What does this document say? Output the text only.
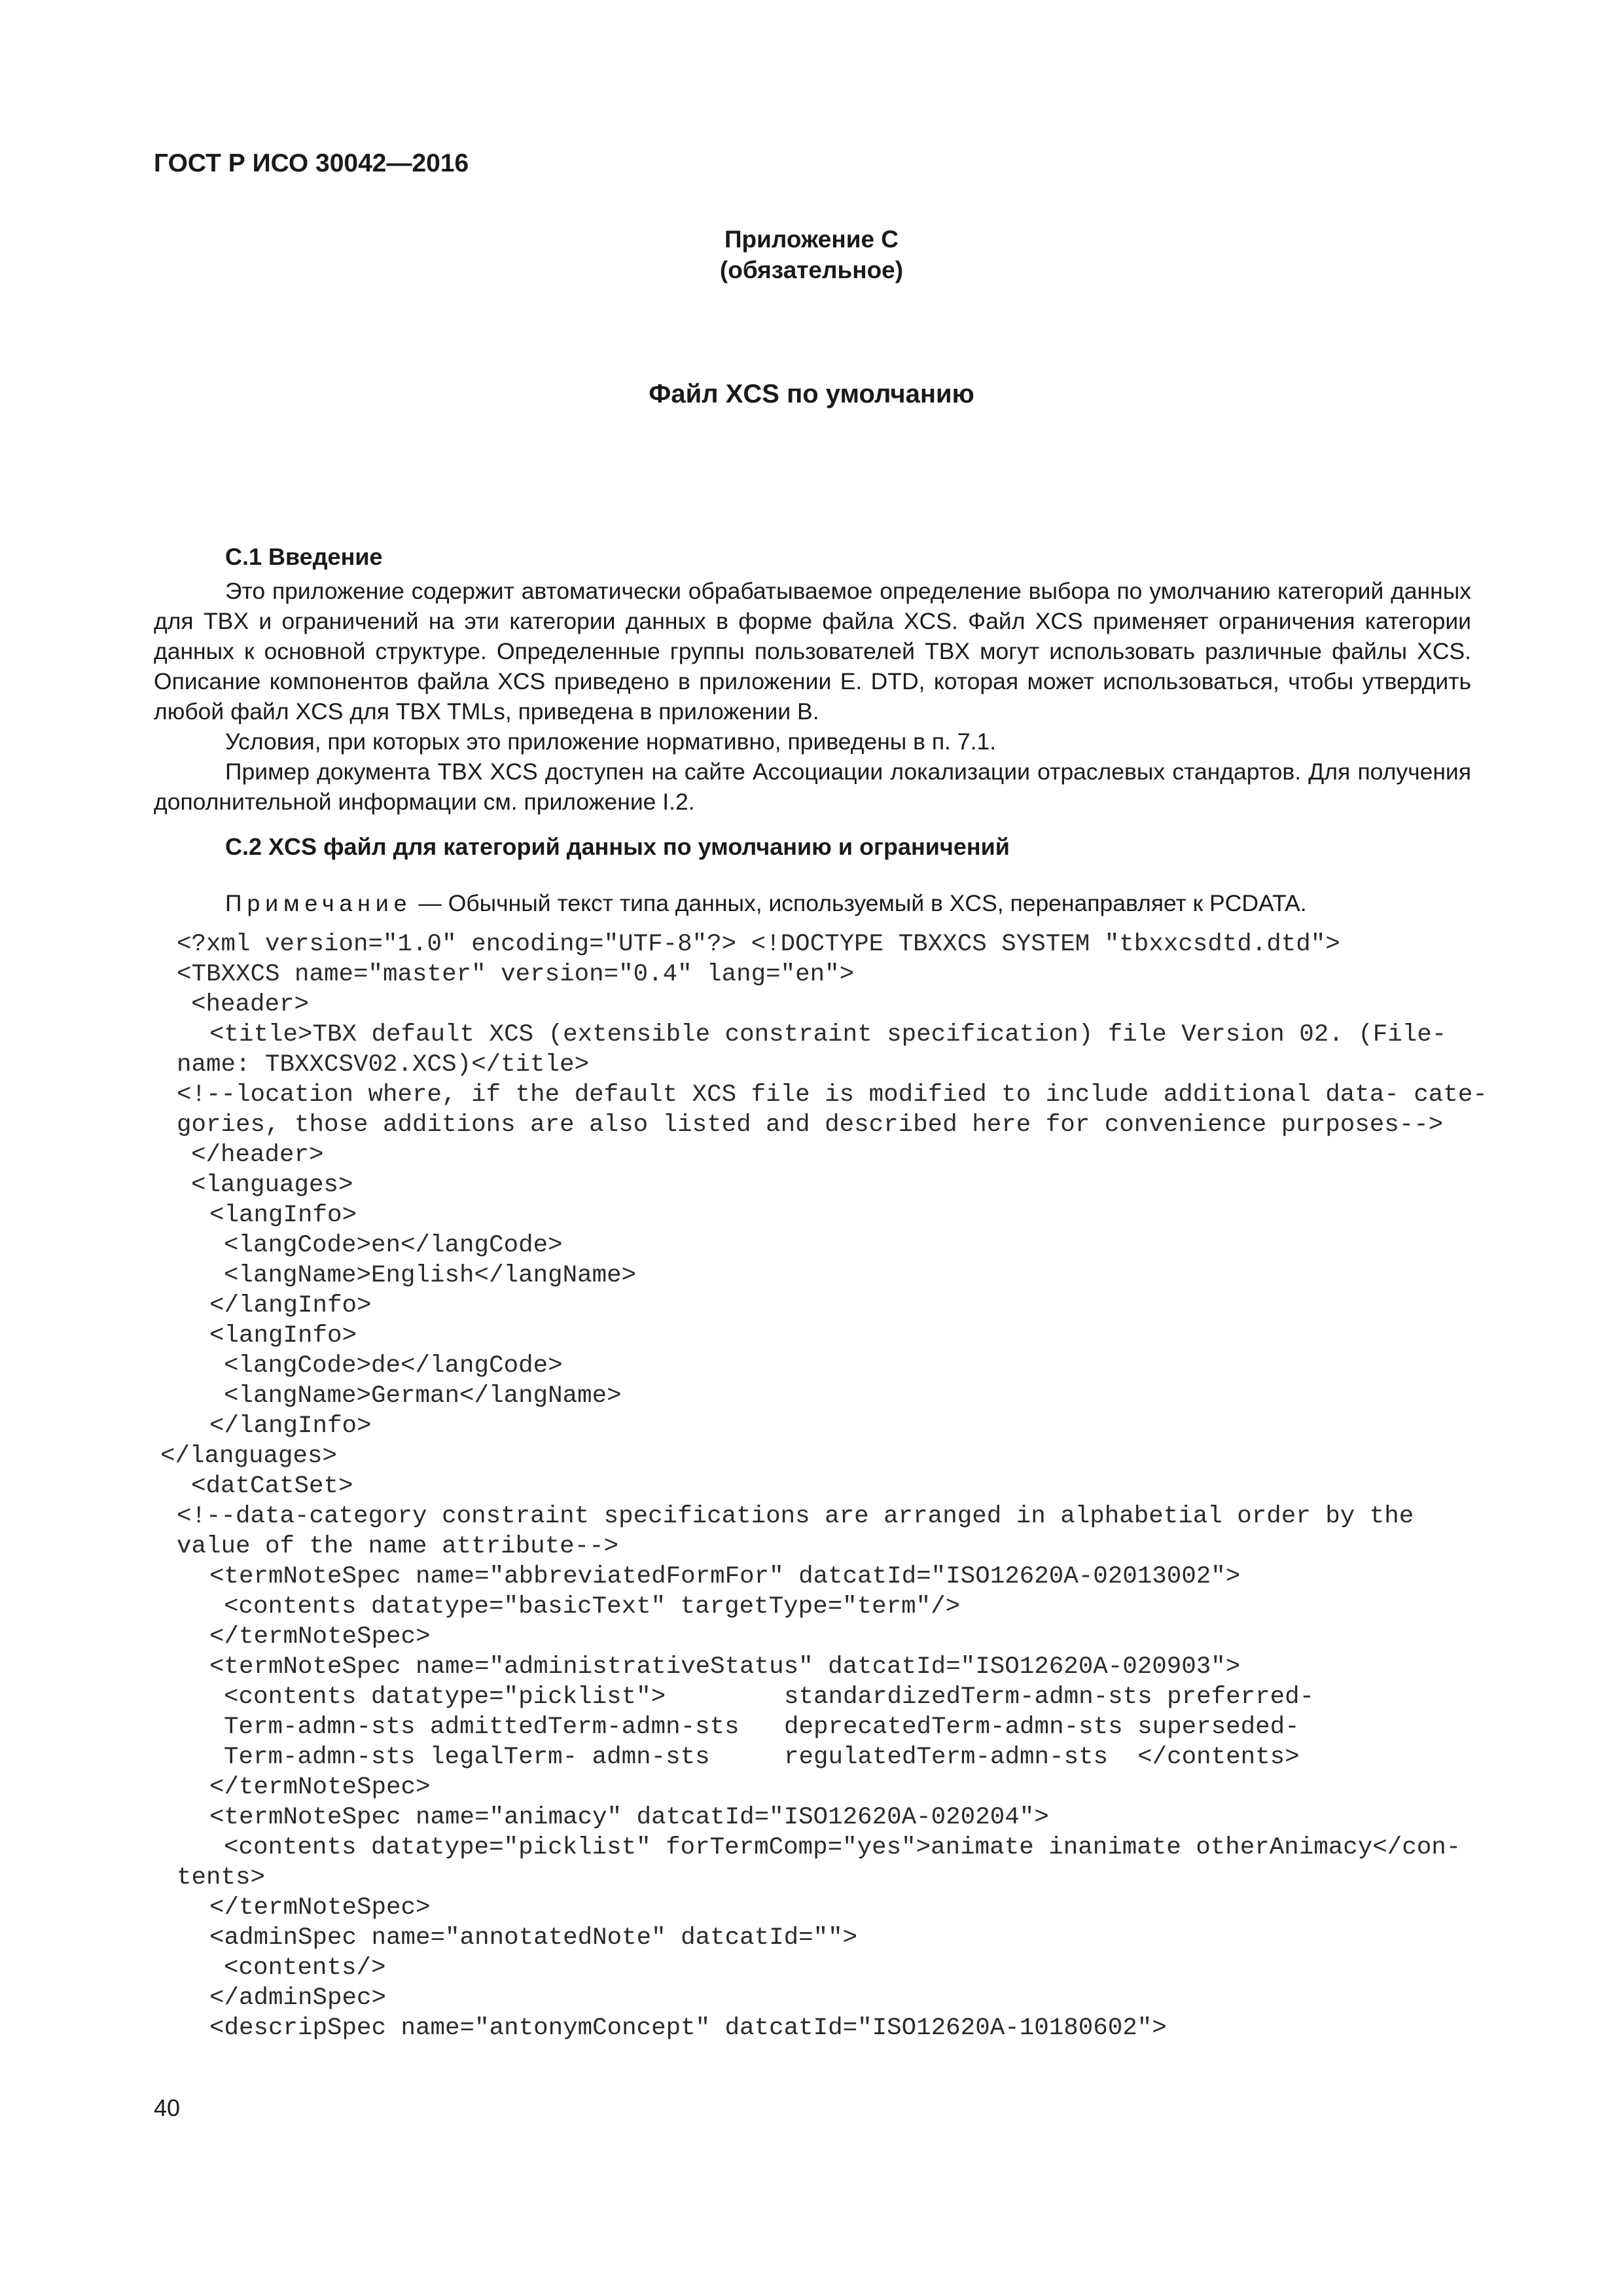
ГОСТ Р ИСО 30042—2016
Приложение С
(обязательное)
Файл XCS по умолчанию
С.1 Введение

Это приложение содержит автоматически обрабатываемое определение выбора по умолчанию категорий данных для TBX и ограничений на эти категории данных в форме файла XCS. Файл XCS применяет ограничения категории данных к основной структуре. Определенные группы пользователей TBX могут использовать различные файлы XCS. Описание компонентов файла XCS приведено в приложении Е. DTD, которая может использоваться, чтобы утвердить любой файл XCS для TBX TMLs, приведена в приложении В.

Условия, при которых это приложение нормативно, приведены в п. 7.1.

Пример документа TBX XCS доступен на сайте Ассоциации локализации отраслевых стандартов. Для получения дополнительной информации см. приложение I.2.

С.2 XCS файл для категорий данных по умолчанию и ограничений
Примечание — Обычный текст типа данных, используемый в XCS, перенаправляет к PCDATA.
<?xml version="1.0" encoding="UTF-8"?> <!DOCTYPE TBXXCS SYSTEM "tbxxcsdtd.dtd">
<TBXXCS name="master" version="0.4" lang="en">
<header>
<title>TBX default XCS (extensible constraint specification) file Version 02. (File-
name: TBXXCSV02.XCS)</title>
<!--location where, if the default XCS file is modified to include additional data- cate-
gories, those additions are also listed and described here for convenience purposes-->
</header>
<languages>
<langInfo>
<langCode>en</langCode>
<langName>English</langName>
</langInfo>
<langInfo>
<langCode>de</langCode>
<langName>German</langName>
</langInfo>
</languages>
<datCatSet>
<!--data-category constraint specifications are arranged in alphabetial order by the
value of the name attribute-->
<termNoteSpec name="abbreviatedFormFor" datcatId="ISO12620A-02013002">
<contents datatype="basicText" targetType="term"/>
</termNoteSpec>
<termNoteSpec name="administrativeStatus" datcatId="ISO12620A-020903">
<contents datatype="picklist">	standardizedTerm-admn-sts preferred-
Term-admn-sts admittedTerm-admn-sts deprecatedTerm-admn-sts superseded-
Term-admn-sts legalTerm- admn-sts	regulatedTerm-admn-sts  </contents>
</termNoteSpec>
<termNoteSpec name="animacy" datcatId="ISO12620A-020204">
<contents datatype="picklist" forTermComp="yes">animate inanimate otherAnimacy</con-
tents>
</termNoteSpec>
<adminSpec name="annotatedNote" datcatId="">
<contents/>
</adminSpec>
<descripSpec name="antonymConcept" datcatId="ISO12620A-10180602">
40
